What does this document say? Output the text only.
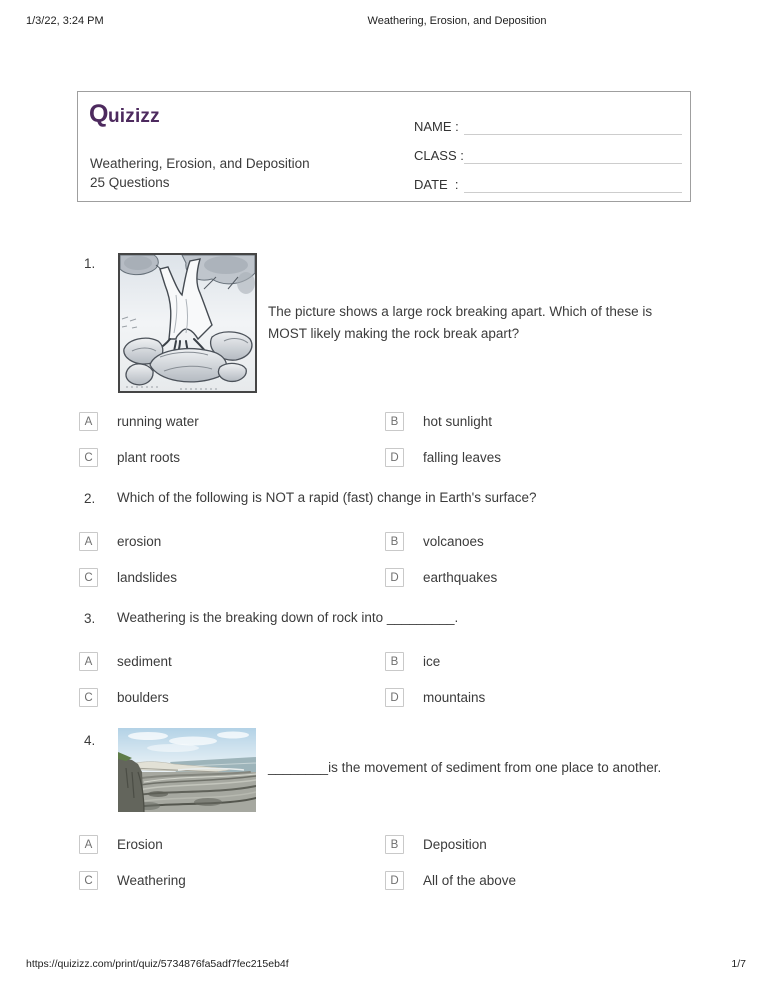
1/3/22, 3:24 PM	Weathering, Erosion, and Deposition
Quizizz
Weathering, Erosion, and Deposition
25 Questions
NAME :
CLASS :
DATE  :
1.
The picture shows a large rock breaking apart. Which of these is MOST likely making the rock break apart?
A	running water	B	hot sunlight
C	plant roots	D	falling leaves
2. Which of the following is NOT a rapid (fast) change in Earth's surface?
A	erosion	B	volcanoes
C	landslides	D	earthquakes
3. Weathering is the breaking down of rock into _________.
A	sediment	B	ice
C	boulders	D	mountains
4.
________is the movement of sediment from one place to another.
A	Erosion	B	Deposition
C	Weathering	D	All of the above
https://quizizz.com/print/quiz/5734876fa5adf7fec215eb4f	1/7
